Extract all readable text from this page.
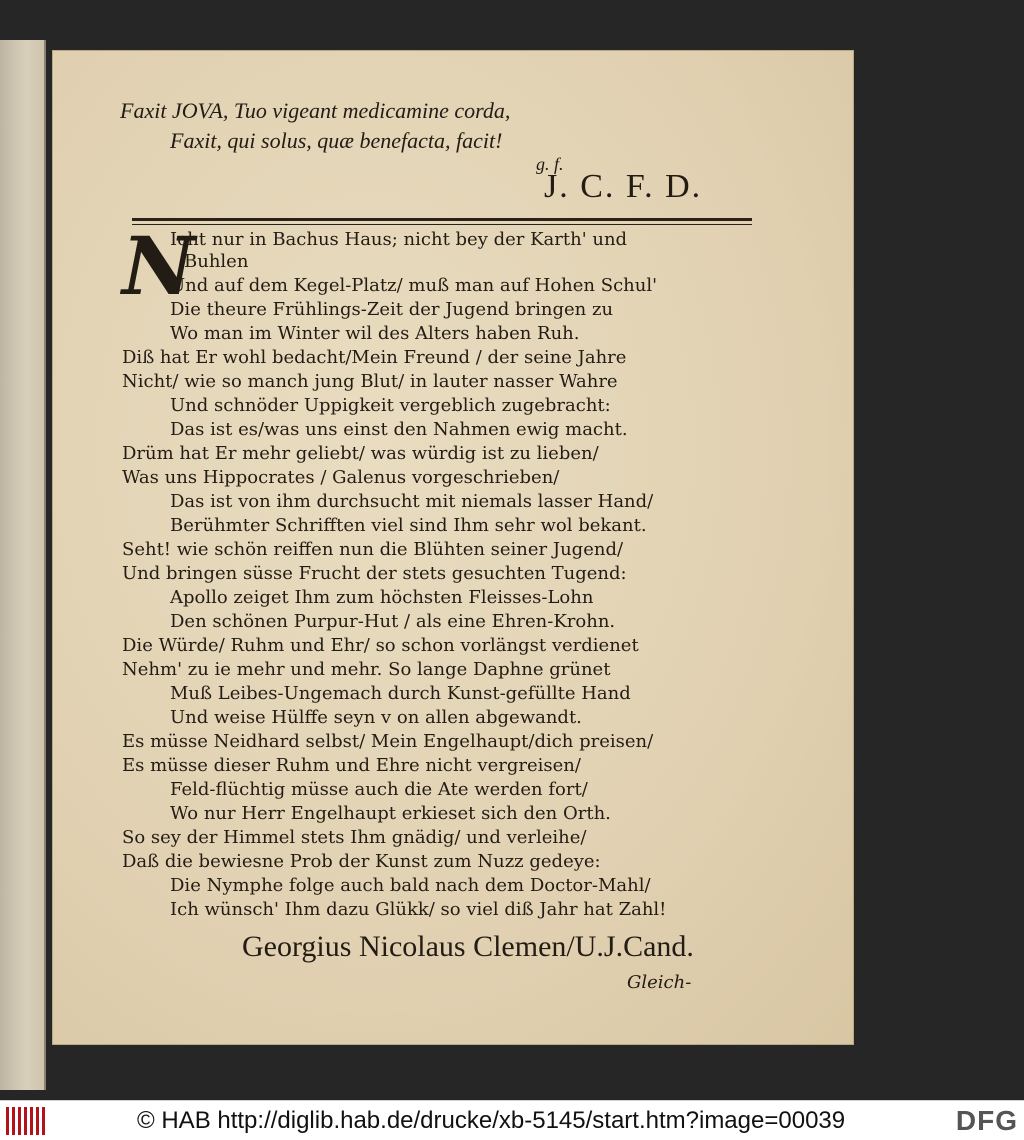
Faxit JOVA, Tuo vigeant medicamine corda,
Faxit, qui solus, quæ benefacta, facit!
g. f.
J. C. F. D.
N
Icht nur in Bachus Haus; nicht bey der Karth' und
Buhlen
Und auf dem Kegel-Platz/ muß man auf Hohen Schul'
Die theure Frühlings-Zeit der Jugend bringen zu
Wo man im Winter wil des Alters haben Ruh.
Diß hat Er wohl bedacht/Mein Freund / der seine Jahre
Nicht/ wie so manch jung Blut/ in lauter nasser Wahre
Und schnöder Uppigkeit vergeblich zugebracht:
Das ist es/was uns einst den Nahmen ewig macht.
Drüm hat Er mehr geliebt/ was würdig ist zu lieben/
Was uns Hippocrates / Galenus vorgeschrieben/
Das ist von ihm durchsucht mit niemals lasser Hand/
Berühmter Schrifften viel sind Ihm sehr wol bekant.
Seht! wie schön reiffen nun die Blühten seiner Jugend/
Und bringen süsse Frucht der stets gesuchten Tugend:
Apollo zeiget Ihm zum höchsten Fleisses-Lohn
Den schönen Purpur-Hut / als eine Ehren-Krohn.
Die Würde/ Ruhm und Ehr/ so schon vorlängst verdienet
Nehm' zu ie mehr und mehr. So lange Daphne grünet
Muß Leibes-Ungemach durch Kunst-gefüllte Hand
Und weise Hülffe seyn v on allen abgewandt.
Es müsse Neidhard selbst/ Mein Engelhaupt/dich preisen/
Es müsse dieser Ruhm und Ehre nicht vergreisen/
Feld-flüchtig müsse auch die Ate werden fort/
Wo nur Herr Engelhaupt erkieset sich den Orth.
So sey der Himmel stets Ihm gnädig/ und verleihe/
Daß die bewiesne Prob der Kunst zum Nuzz gedeye:
Die Nymphe folge auch bald nach dem Doctor-Mahl/
Ich wünsch' Ihm dazu Glükk/ so viel diß Jahr hat Zahl!
Georgius Nicolaus Clemen/U.J.Cand.
Gleich-
© HAB http://diglib.hab.de/drucke/xb-5145/start.htm?image=00039	DFG
